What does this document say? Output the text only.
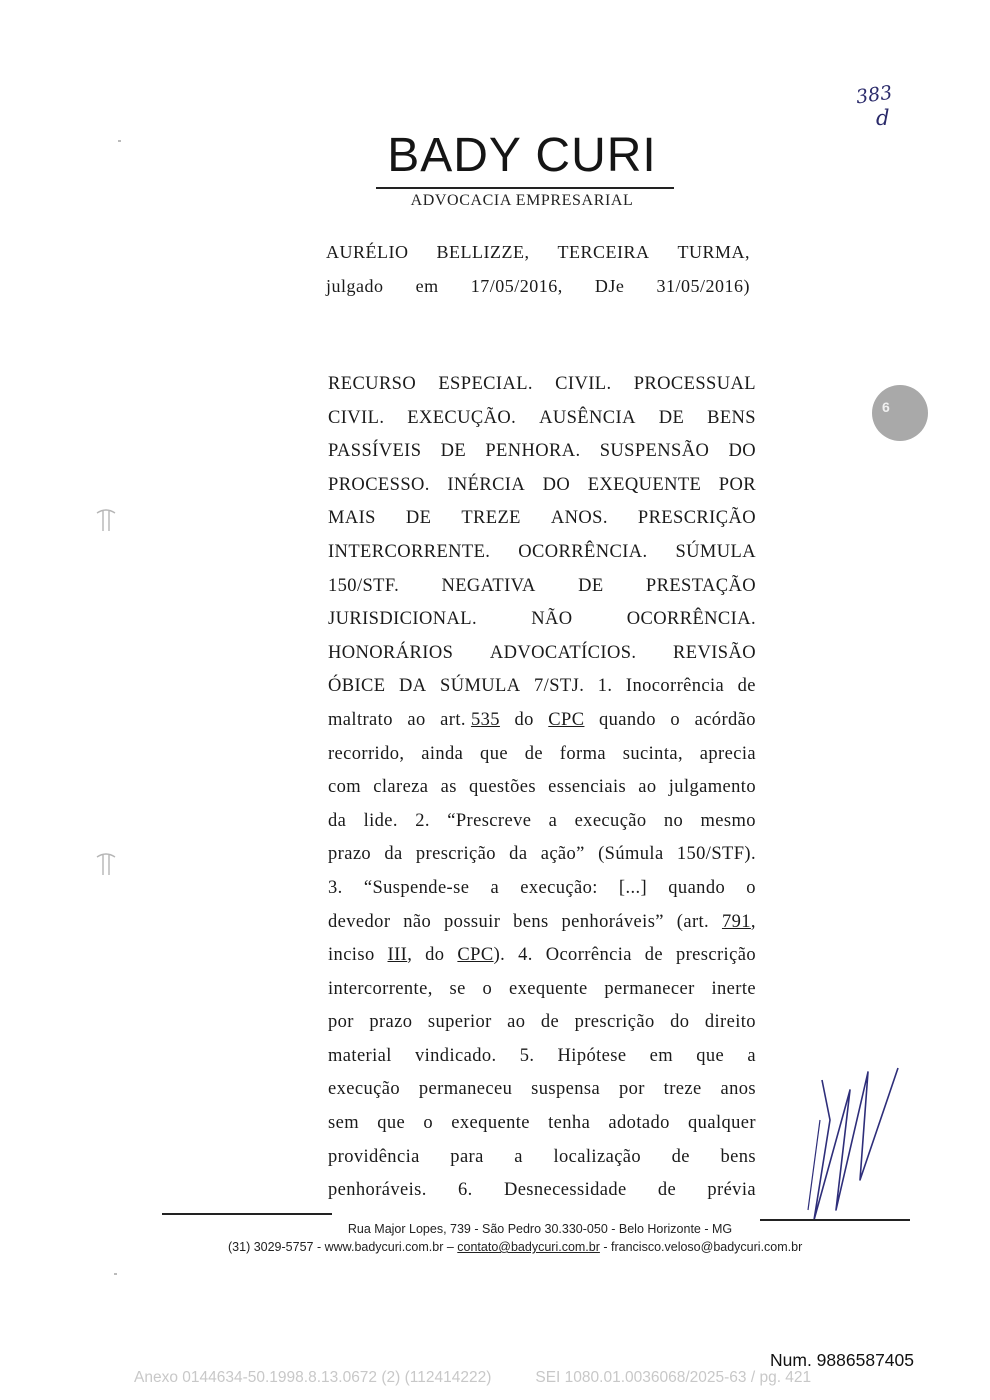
383
d
BADY CURI
ADVOCACIA EMPRESARIAL
AURÉLIO BELLIZZE, TERCEIRA TURMA,
julgado em 17/05/2016, DJe 31/05/2016)
6
RECURSO ESPECIAL. CIVIL. PROCESSUAL
CIVIL. EXECUÇÃO. AUSÊNCIA DE BENS
PASSÍVEIS DE PENHORA. SUSPENSÃO DO
PROCESSO. INÉRCIA DO EXEQUENTE POR
MAIS DE TREZE ANOS. PRESCRIÇÃO
INTERCORRENTE. OCORRÊNCIA. SÚMULA
150/STF. NEGATIVA DE PRESTAÇÃO
JURISDICIONAL.	NÃO	OCORRÊNCIA.
HONORÁRIOS ADVOCATÍCIOS. REVISÃO
ÓBICE DA SÚMULA 7/STJ. 1. Inocorrência de
maltrato ao art. 535 do CPC quando o acórdão
recorrido, ainda que de forma sucinta, aprecia
com clareza as questões essenciais ao julgamento
da lide. 2. “Prescreve a execução no mesmo
prazo da prescrição da ação” (Súmula 150/STF).
3. “Suspende-se a execução: [...] quando o
devedor não possuir bens penhoráveis” (art. 791,
inciso III, do CPC). 4. Ocorrência de prescrição
intercorrente, se o exequente permanecer inerte
por prazo superior ao de prescrição do direito
material vindicado. 5. Hipótese em que a
execução permaneceu suspensa por treze anos
sem que o exequente tenha adotado qualquer
providência para a localização de bens
penhoráveis. 6. Desnecessidade de prévia
Rua Major Lopes, 739 - São Pedro 30.330-050 - Belo Horizonte - MG
(31) 3029-5757 - www.badycuri.com.br – contato@badycuri.com.br - francisco.veloso@badycuri.com.br
Num. 9886587405
Anexo 0144634-50.1998.8.13.0672 (2) (112414222)	SEI 1080.01.0036068/2025-63 / pg. 421
